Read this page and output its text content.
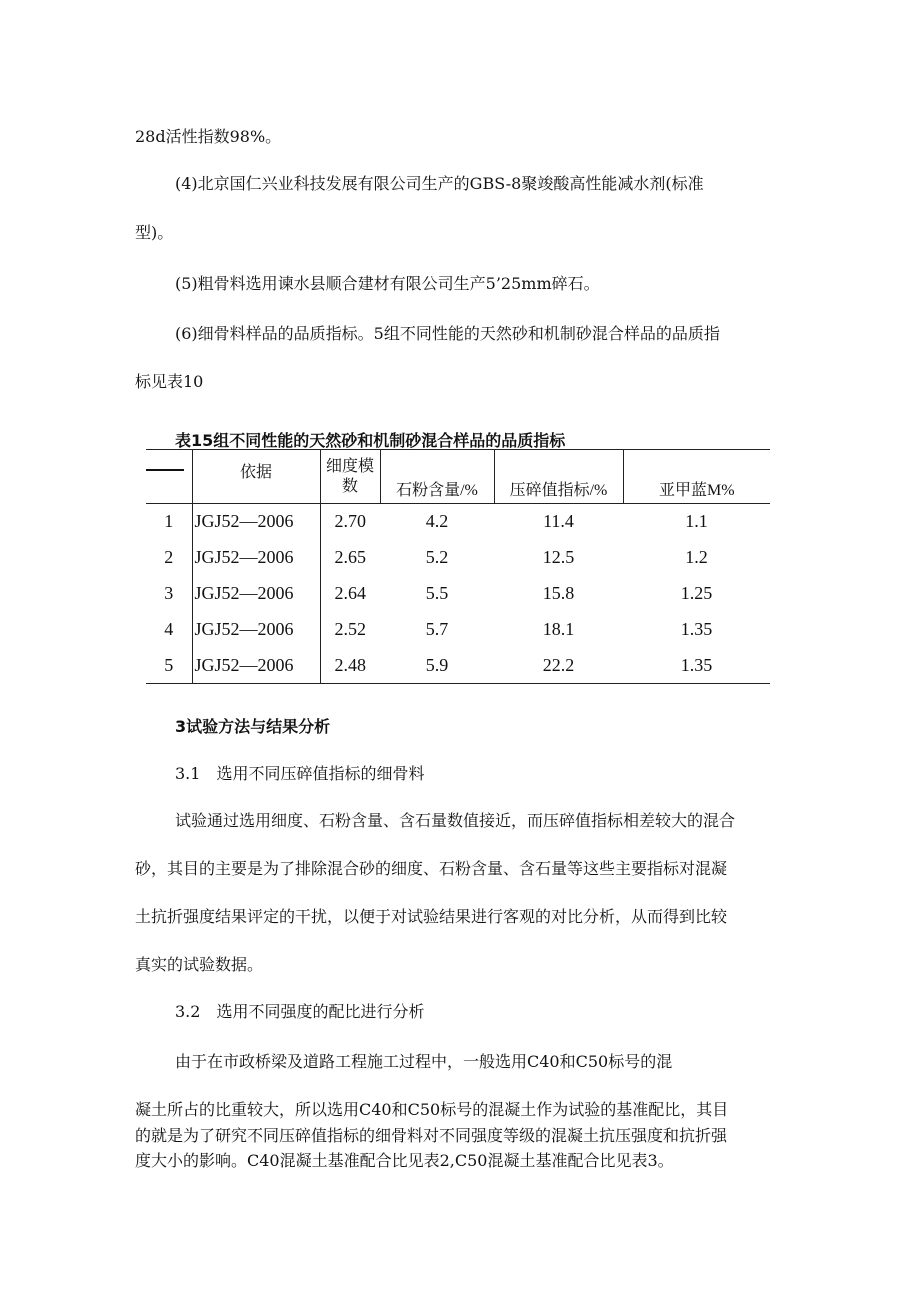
28d活性指数98%。
(4)北京国仁兴业科技发展有限公司生产的GBS-8聚竣酸高性能减水剂(标准
型)。
(5)粗骨料选用谏水县顺合建材有限公司生产5’25mm碎石。
(6)细骨料样品的品质指标。5组不同性能的天然砂和机制砂混合样品的品质指
标见表10
表15组不同性能的天然砂和机制砂混合样品的品质指标
	依据	细度模
数	石粉含量/%	压碎值指标/%	亚甲蓝M%
1	JGJ52—2006	2.70	4.2	11.4	1.1
2	JGJ52—2006	2.65	5.2	12.5	1.2
3	JGJ52—2006	2.64	5.5	15.8	1.25
4	JGJ52—2006	2.52	5.7	18.1	1.35
5	JGJ52—2006	2.48	5.9	22.2	1.35
3试验方法与结果分析
3.1　选用不同压碎值指标的细骨料
试验通过选用细度、石粉含量、含石量数值接近，而压碎值指标相差较大的混合
砂，其目的主要是为了排除混合砂的细度、石粉含量、含石量等这些主要指标对混凝
土抗折强度结果评定的干扰，以便于对试验结果进行客观的对比分析，从而得到比较
真实的试验数据。
3.2　选用不同强度的配比进行分析
由于在市政桥梁及道路工程施工过程中，一般选用C40和C50标号的混
凝土所占的比重较大，所以选用C40和C50标号的混凝土作为试验的基准配比，其目
的就是为了研究不同压碎值指标的细骨料对不同强度等级的混凝土抗压强度和抗折强
度大小的影响。C40混凝土基准配合比见表2,C50混凝土基准配合比见表3。
